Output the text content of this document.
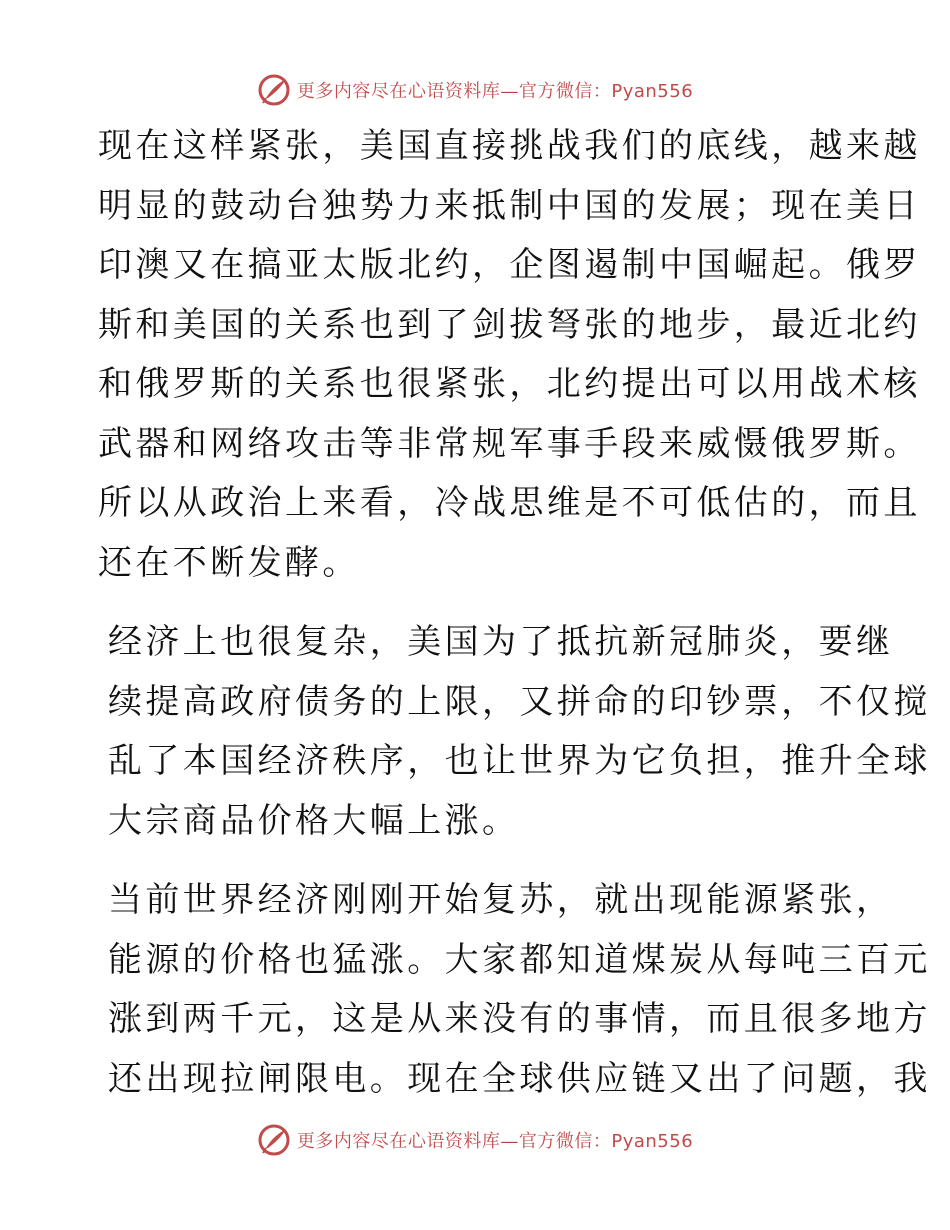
更多内容尽在心语资料库—官方微信：Pyan556

现在这样紧张，美国直接挑战我们的底线，越来越
明显的鼓动台独势力来抵制中国的发展；现在美日
印澳又在搞亚太版北约，企图遏制中国崛起。俄罗
斯和美国的关系也到了剑拔弩张的地步，最近北约
和俄罗斯的关系也很紧张，北约提出可以用战术核
武器和网络攻击等非常规军事手段来威慑俄罗斯。
所以从政治上来看，冷战思维是不可低估的，而且
还在不断发酵。

经济上也很复杂，美国为了抵抗新冠肺炎，要继
续提高政府债务的上限，又拼命的印钞票，不仅搅
乱了本国经济秩序，也让世界为它负担，推升全球
大宗商品价格大幅上涨。

当前世界经济刚刚开始复苏，就出现能源紧张，
能源的价格也猛涨。大家都知道煤炭从每吨三百元
涨到两千元，这是从来没有的事情，而且很多地方
还出现拉闸限电。现在全球供应链又出了问题，我

更多内容尽在心语资料库—官方微信：Pyan556
